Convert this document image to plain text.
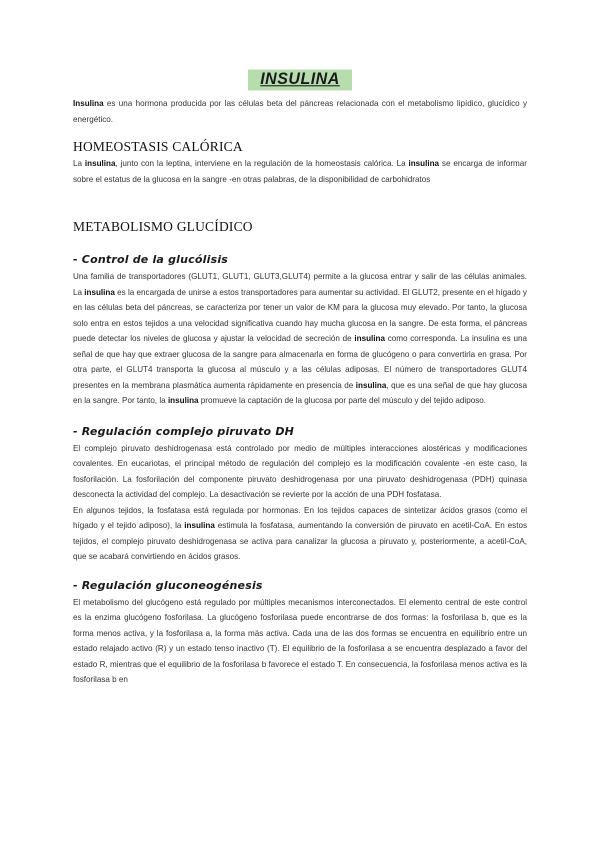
INSULINA

Insulina es una hormona producida por las células beta del páncreas relacionada con el metabolismo lipídico, glucídico y energético.

HOMEOSTASIS CALÓRICA

La insulina, junto con la leptina, interviene en la regulación de la homeostasis calórica. La insulina se encarga de informar sobre el estatus de la glucosa en la sangre -en otras palabras, de la disponibilidad de carbohidratos

METABOLISMO GLUCÍDICO
- Control de la glucólisis

Una familia de transportadores (GLUT1, GLUT1, GLUT3,GLUT4) permite a la glucosa entrar y salir de las células animales. La insulina es la encargada de unirse a estos transportadores para aumentar su actividad. El GLUT2, presente en el hígado y en las células beta del páncreas, se caracteriza por tener un valor de KM para la glucosa muy elevado. Por tanto, la glucosa solo entra en estos tejidos a una velocidad significativa cuando hay mucha glucosa en la sangre. De esta forma, el páncreas puede detectar los niveles de glucosa y ajustar la velocidad de secreción de insulina como corresponda. La insulina es una señal de que hay que extraer glucosa de la sangre para almacenarla en forma de glucógeno o para convertirla en grasa. Por otra parte, el GLUT4 transporta la glucosa al músculo y a las células adiposas. El número de transportadores GLUT4 presentes en la membrana plasmática aumenta rápidamente en presencia de insulina, que es una señal de que hay glucosa en la sangre. Por tanto, la insulina promueve la captación de la glucosa por parte del músculo y del tejido adiposo.

- Regulación complejo piruvato DH

El complejo piruvato deshidrogenasa está controlado por medio de múltiples interacciones alostéricas y modificaciones covalentes. En eucariotas, el principal método de regulación del complejo es la modificación covalente -en este caso, la fosforilación. La fosforilación del componente piruvato deshidrogenasa por una piruvato deshidrogenasa (PDH) quinasa desconecta la actividad del complejo. La desactivación se revierte por la acción de una PDH fosfatasa.

En algunos tejidos, la fosfatasa está regulada por hormonas. En los tejidos capaces de sintetizar ácidos grasos (como el hígado y el tejido adiposo), la insulina estimula la fosfatasa, aumentando la conversión de piruvato en acetil-CoA. En estos tejidos, el complejo piruvato deshidrogenasa se activa para canalizar la glucosa a piruvato y, posteriormente, a acetil-CoA, que se acabará convirtiendo en ácidos grasos.

- Regulación gluconeogénesis

El metabolismo del glucógeno está regulado por múltiples mecanismos interconectados. El elemento central de este control es la enzima glucógeno fosforilasa. La glucógeno fosforilasa puede encontrarse de dos formas: la fosforilasa b, que es la forma menos activa, y la fosforilasa a, la forma más activa. Cada una de las dos formas se encuentra en equilibrio entre un estado relajado activo (R) y un estado tenso inactivo (T). El equilibrio de la fosforilasa a se encuentra desplazado a favor del estado R, mientras que el equilibrio de la fosforilasa b favorece el estado T. En consecuencia, la fosforilasa menos activa es la fosforilasa b en
